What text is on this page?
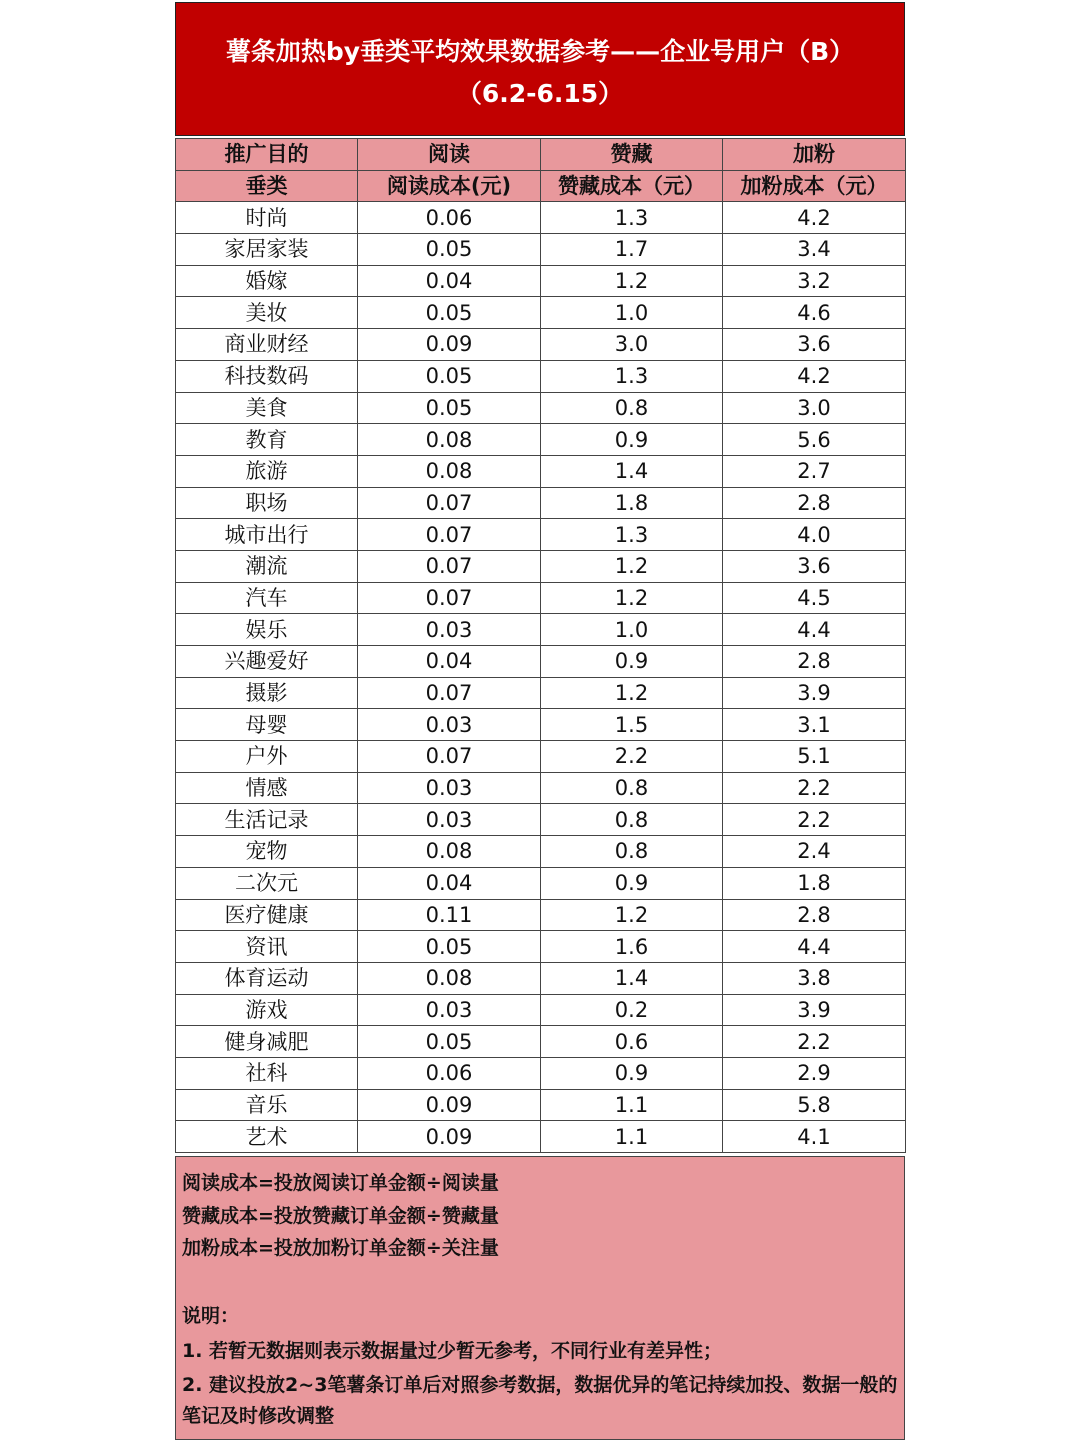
薯条加热by垂类平均效果数据参考——企业号用户（B）
（6.2-6.15）
推广目的	阅读	赞藏	加粉
垂类	阅读成本(元)	赞藏成本（元）	加粉成本（元）
时尚	0.06	1.3	4.2
家居家装	0.05	1.7	3.4
婚嫁	0.04	1.2	3.2
美妆	0.05	1.0	4.6
商业财经	0.09	3.0	3.6
科技数码	0.05	1.3	4.2
美食	0.05	0.8	3.0
教育	0.08	0.9	5.6
旅游	0.08	1.4	2.7
职场	0.07	1.8	2.8
城市出行	0.07	1.3	4.0
潮流	0.07	1.2	3.6
汽车	0.07	1.2	4.5
娱乐	0.03	1.0	4.4
兴趣爱好	0.04	0.9	2.8
摄影	0.07	1.2	3.9
母婴	0.03	1.5	3.1
户外	0.07	2.2	5.1
情感	0.03	0.8	2.2
生活记录	0.03	0.8	2.2
宠物	0.08	0.8	2.4
二次元	0.04	0.9	1.8
医疗健康	0.11	1.2	2.8
资讯	0.05	1.6	4.4
体育运动	0.08	1.4	3.8
游戏	0.03	0.2	3.9
健身减肥	0.05	0.6	2.2
社科	0.06	0.9	2.9
音乐	0.09	1.1	5.8
艺术	0.09	1.1	4.1
阅读成本=投放阅读订单金额÷阅读量
赞藏成本=投放赞藏订单金额÷赞藏量
加粉成本=投放加粉订单金额÷关注量
说明：
1. 若暂无数据则表示数据量过少暂无参考，不同行业有差异性；
2. 建议投放2~3笔薯条订单后对照参考数据，数据优异的笔记持续加投、数据一般的笔记及时修改调整
